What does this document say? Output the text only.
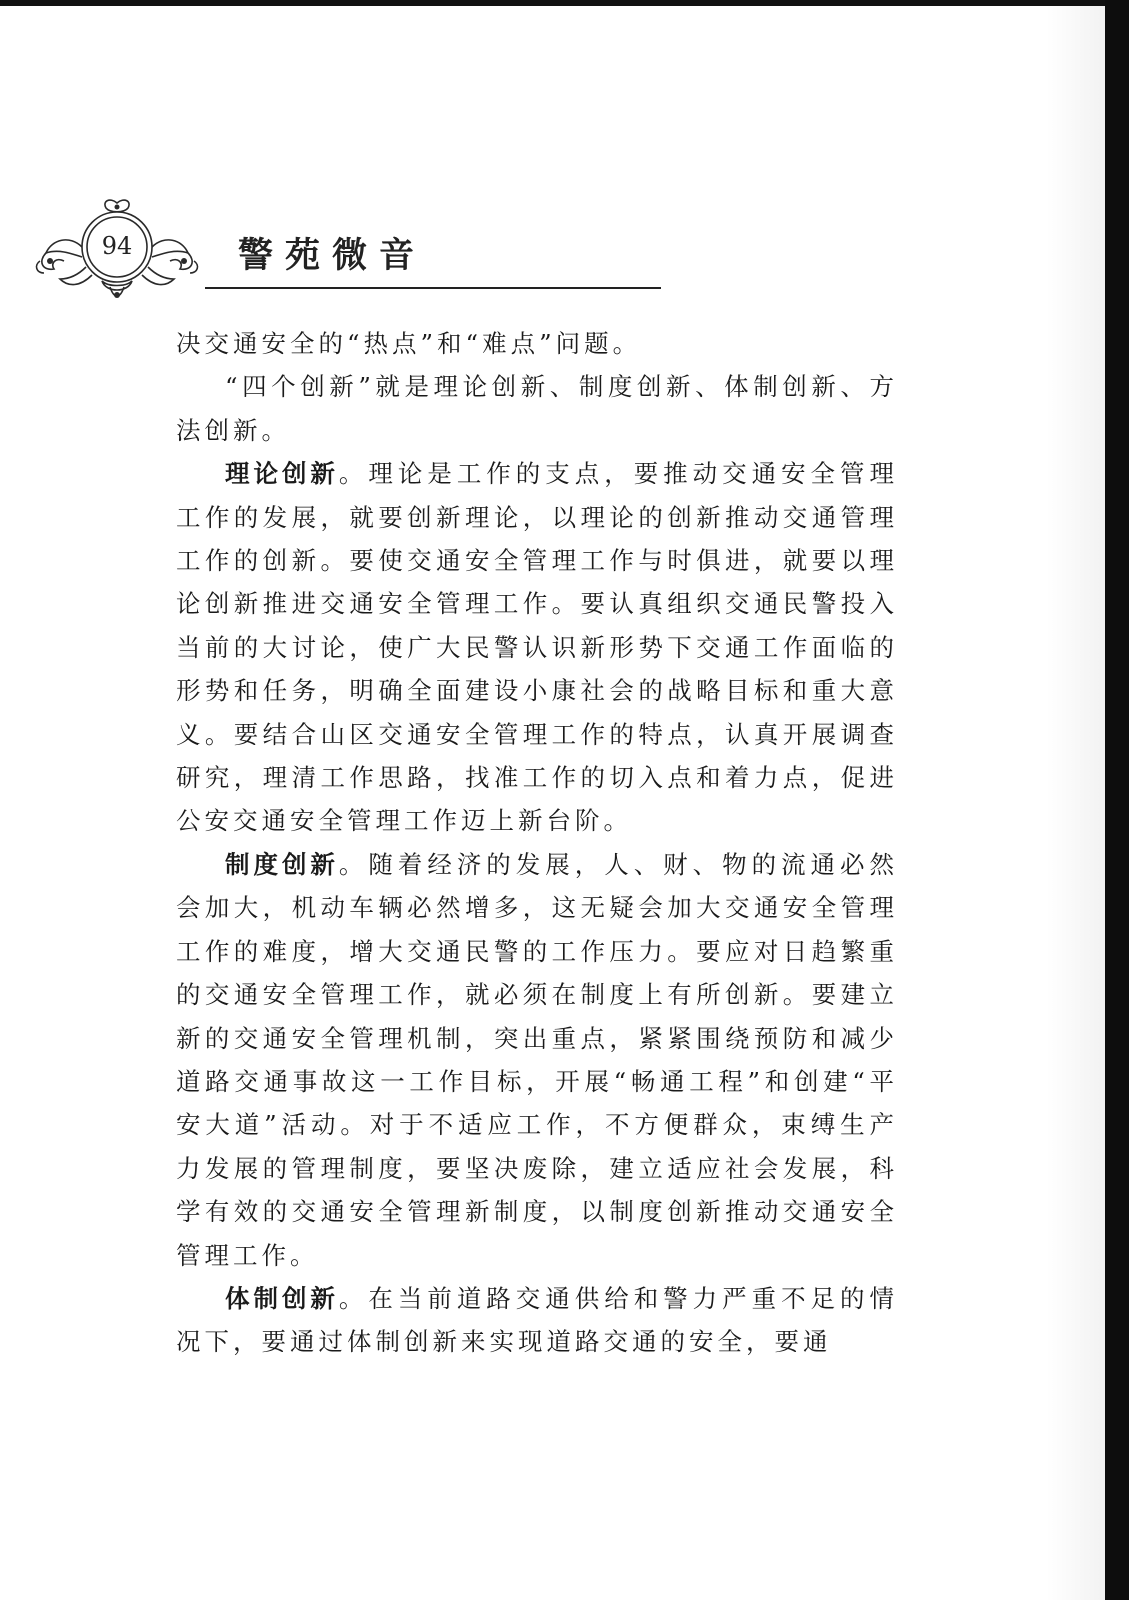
94	警苑微音

决交通安全的“热点”和“难点”问题。

“四个创新”就是理论创新、制度创新、体制创新、方法创新。

理论创新。理论是工作的支点，要推动交通安全管理工作的发展，就要创新理论，以理论的创新推动交通管理工作的创新。要使交通安全管理工作与时俱进，就要以理论创新推进交通安全管理工作。要认真组织交通民警投入当前的大讨论，使广大民警认识新形势下交通工作面临的形势和任务，明确全面建设小康社会的战略目标和重大意义。要结合山区交通安全管理工作的特点，认真开展调查研究，理清工作思路，找准工作的切入点和着力点，促进公安交通安全管理工作迈上新台阶。

制度创新。随着经济的发展，人、财、物的流通必然会加大，机动车辆必然增多，这无疑会加大交通安全管理工作的难度，增大交通民警的工作压力。要应对日趋繁重的交通安全管理工作，就必须在制度上有所创新。要建立新的交通安全管理机制，突出重点，紧紧围绕预防和减少道路交通事故这一工作目标，开展“畅通工程”和创建“平安大道”活动。对于不适应工作，不方便群众，束缚生产力发展的管理制度，要坚决废除，建立适应社会发展，科学有效的交通安全管理新制度，以制度创新推动交通安全管理工作。

体制创新。在当前道路交通供给和警力严重不足的情况下，要通过体制创新来实现道路交通的安全，要通
